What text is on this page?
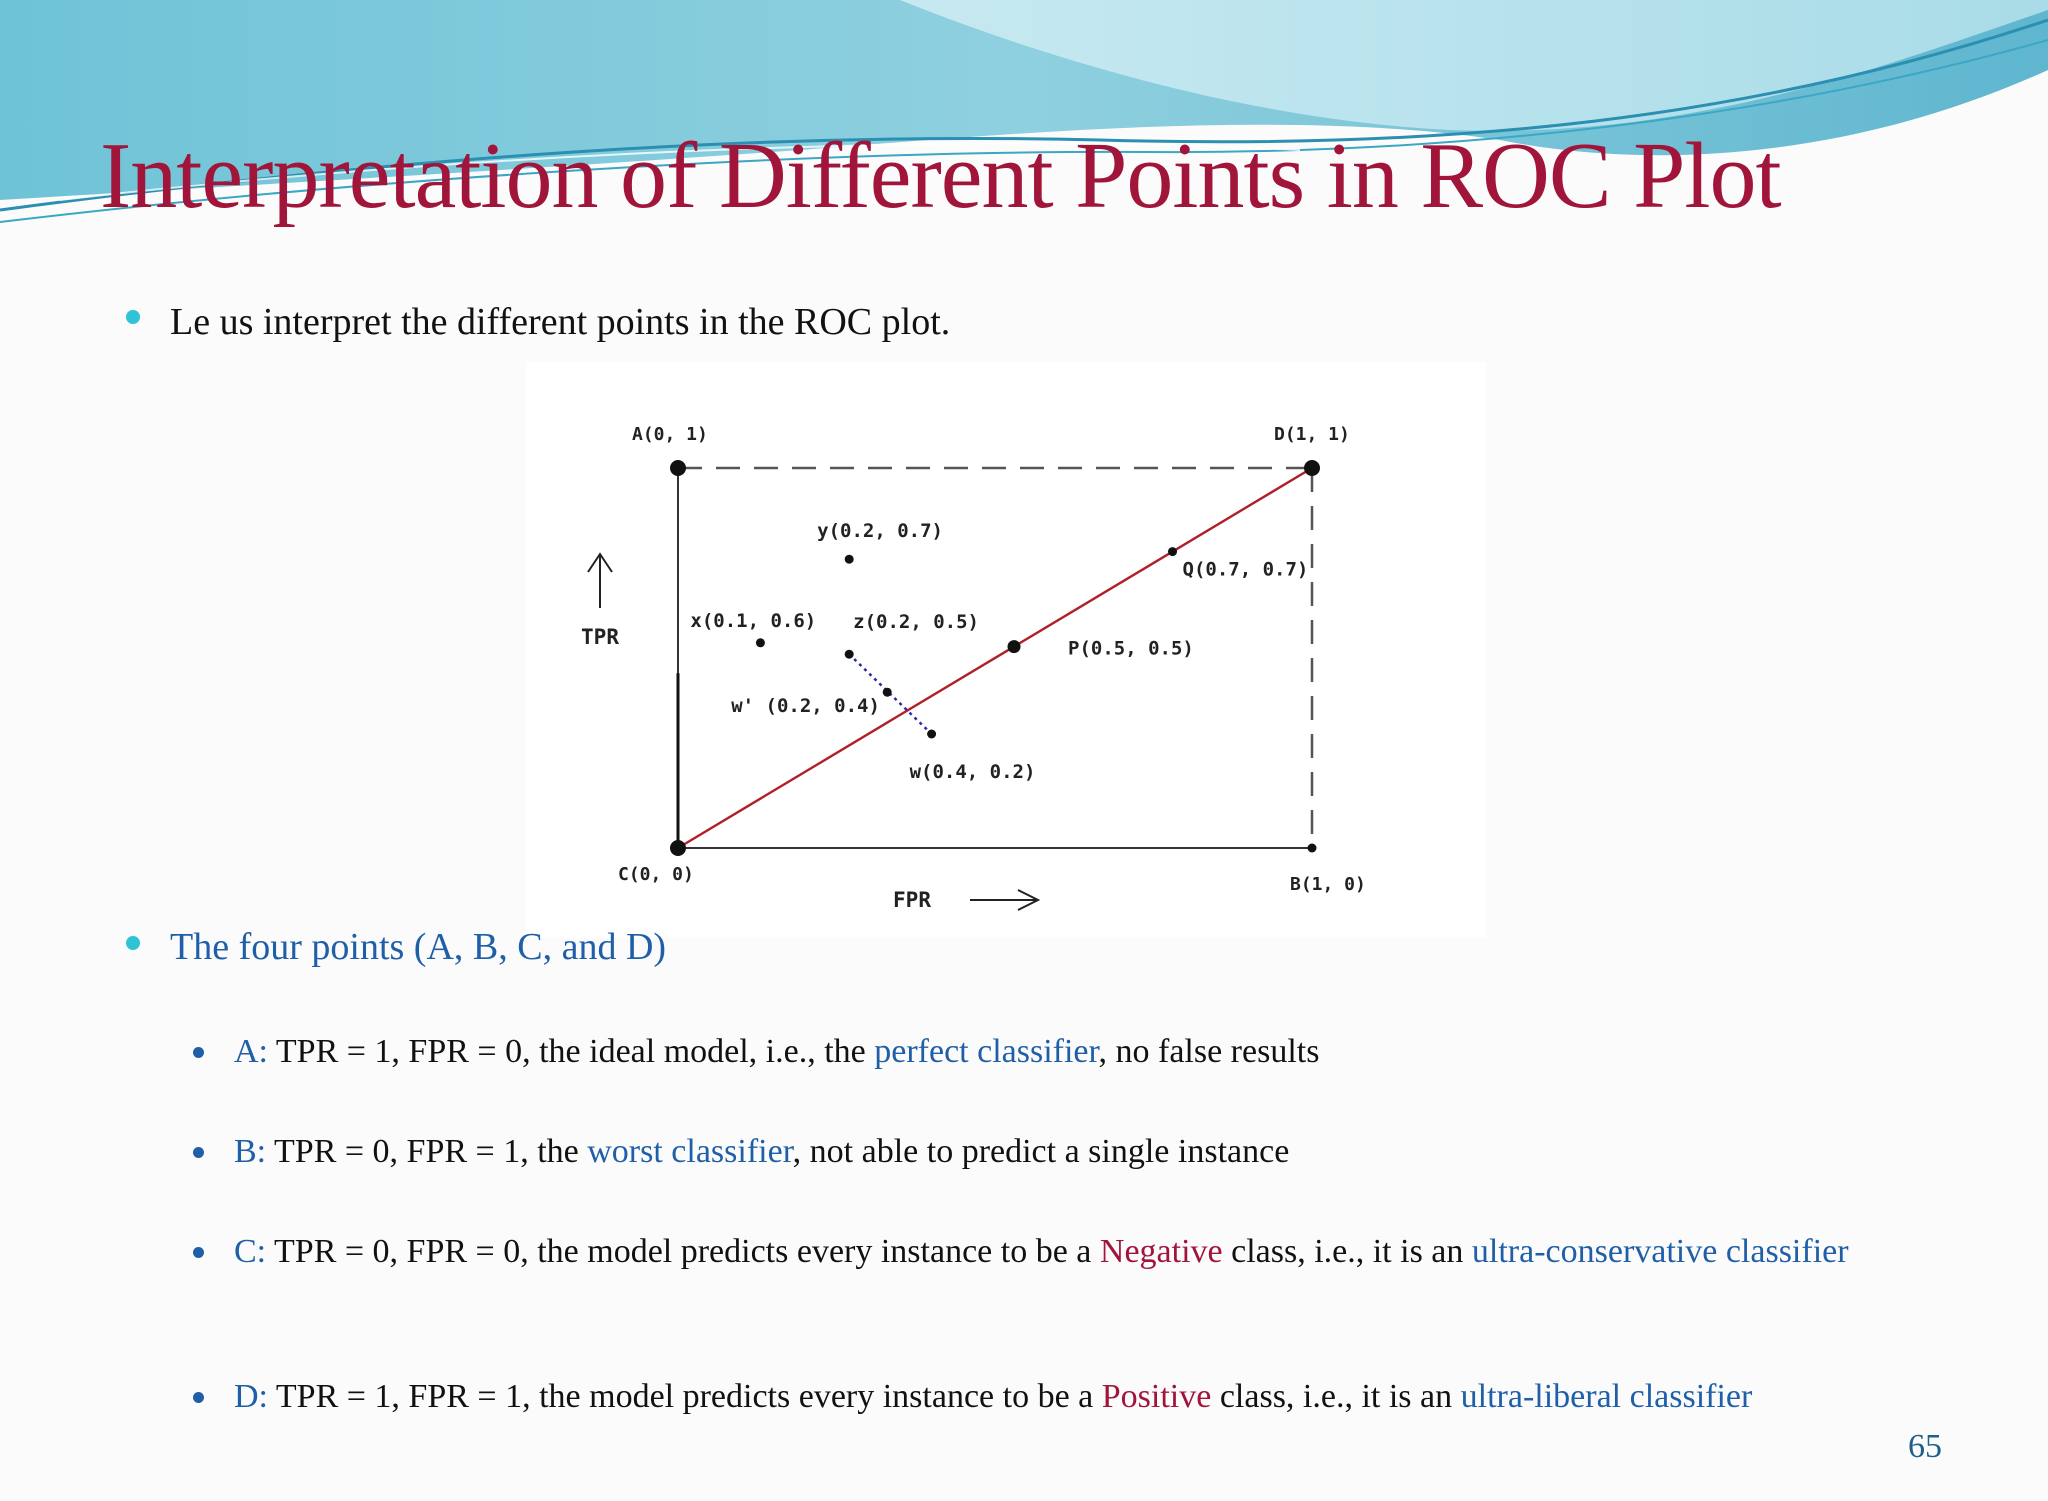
Interpretation of Different Points in ROC Plot
Le us interpret the different points in the ROC plot.
A(0, 1)
B(1, 0)
C(0, 0)
D(1, 1)
x(0.1, 0.6)
y(0.2, 0.7)
z(0.2, 0.5)
w' (0.2, 0.4)
w(0.4, 0.2)
P(0.5, 0.5)
Q(0.7, 0.7)
TPR
FPR
The four points (A, B, C, and D)
A: TPR = 1, FPR = 0, the ideal model, i.e., the perfect classifier, no false results
B: TPR = 0, FPR = 1, the worst classifier, not able to predict a single instance
C: TPR = 0, FPR = 0, the model predicts every instance to be a Negative class, i.e., it is an ultra-conservative classifier
D: TPR = 1, FPR = 1, the model predicts every instance to be a Positive class, i.e., it is an ultra-liberal classifier
65
